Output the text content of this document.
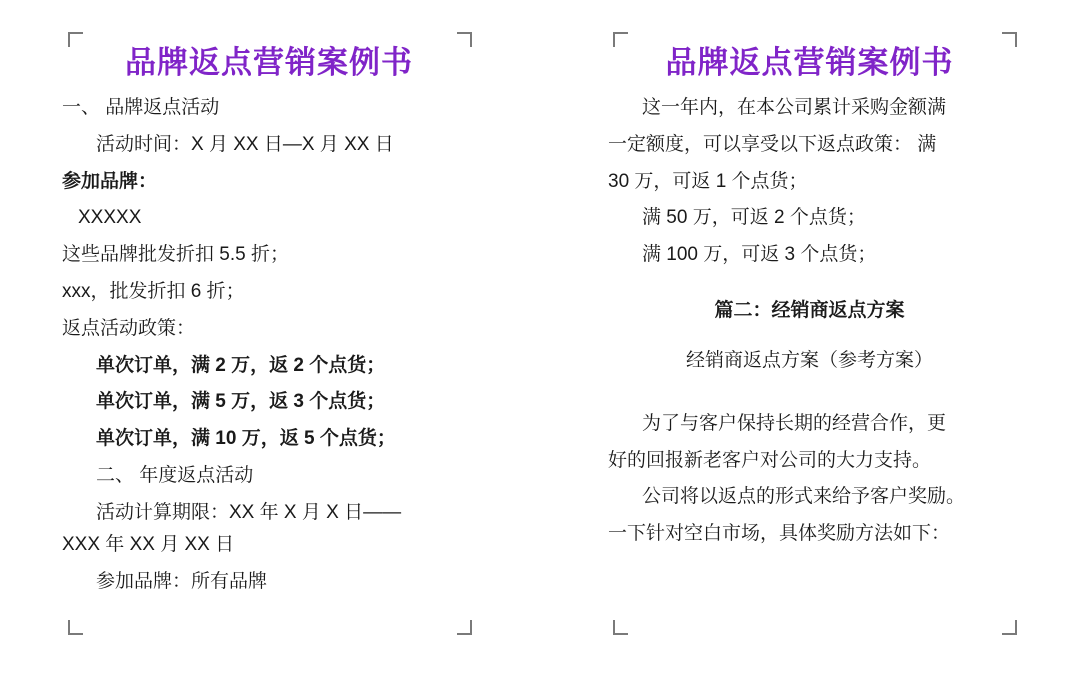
品牌返点营销案例书

一、 品牌返点活动

活动时间：X 月 XX 日—X 月 XX 日

参加品牌：

XXXXX

这些品牌批发折扣 5.5 折；

xxx，批发折扣 6 折；

返点活动政策：

单次订单，满 2 万，返 2 个点货；

单次订单，满 5 万，返 3 个点货；

单次订单，满 10 万，返 5 个点货；

二、 年度返点活动

活动计算期限：XX 年 X 月 X 日——

XXX 年 XX 月 XX 日

参加品牌：所有品牌

品牌返点营销案例书

这一年内，在本公司累计采购金额满

一定额度，可以享受以下返点政策： 满

30 万，可返 1 个点货；

满 50 万，可返 2 个点货；

满 100 万，可返 3 个点货；

篇二：经销商返点方案

经销商返点方案（参考方案）

为了与客户保持长期的经营合作，更

好的回报新老客户对公司的大力支持。

公司将以返点的形式来给予客户奖励。

一下针对空白市场，具体奖励方法如下：
